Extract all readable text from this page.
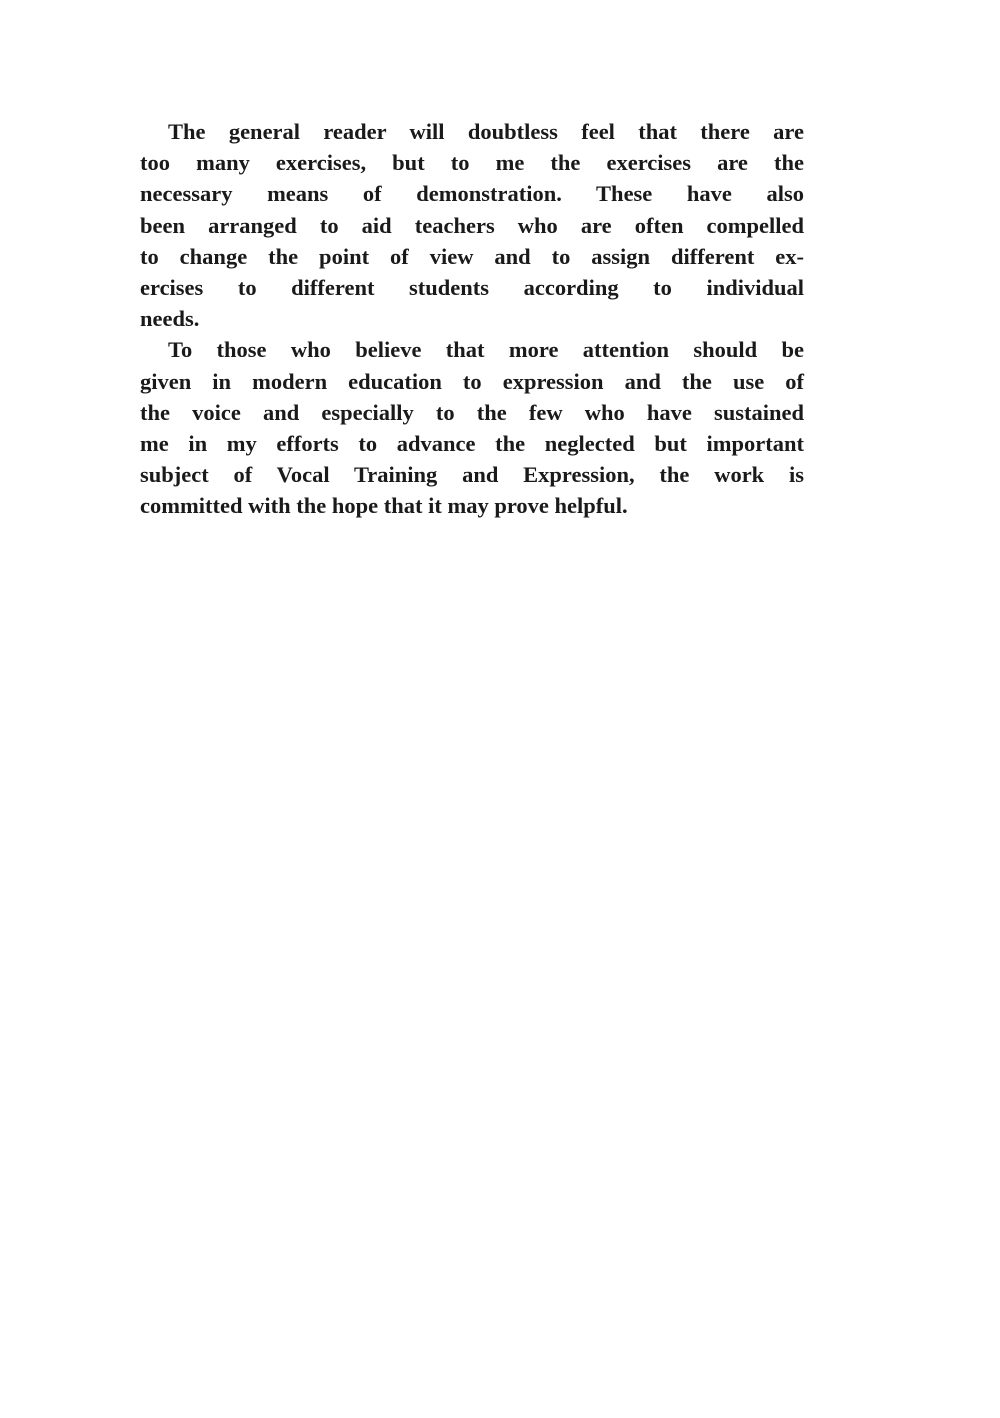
The general reader will doubtless feel that there are
too many exercises, but to me the exercises are the
necessary means of demonstration. These have also
been arranged to aid teachers who are often compelled
to change the point of view and to assign different ex-
ercises to different students according to individual
needs.
To those who believe that more attention should be
given in modern education to expression and the use of
the voice and especially to the few who have sustained
me in my efforts to advance the neglected but important
subject of Vocal Training and Expression, the work is
committed with the hope that it may prove helpful.
